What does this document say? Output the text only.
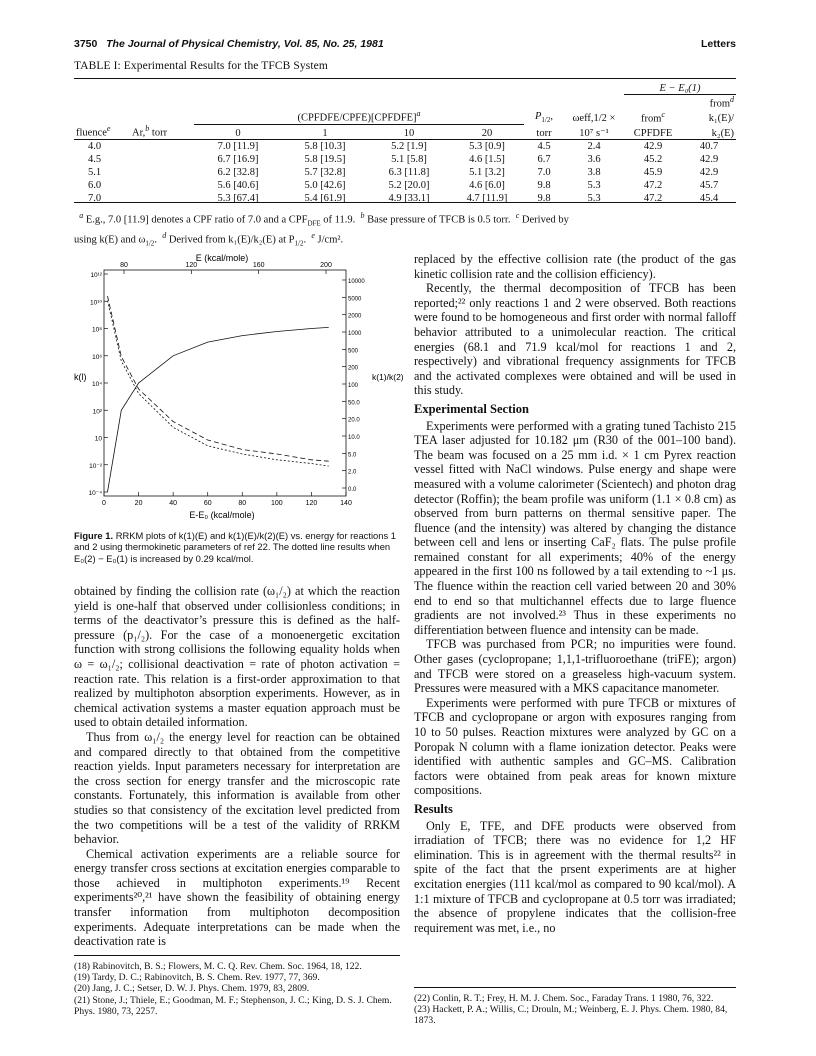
3750 The Journal of Physical Chemistry, Vol. 85, No. 25, 1981	Letters
TABLE I: Experimental Results for the TFCB System
								E − E₀(1)	
									from$^d$
		(CPFDFE/CPFE)[CPFDFE]$^a$				$P_{1/2}$,	ωeff,1/2 ×	from$^c$	k₁(E)/
fluence$^e$	Ar,$^b$ torr	0	1	10	20	torr	10⁷ s⁻¹	CPFDFE	k₂(E)
4.0		7.0 [11.9]	5.8 [10.3]	5.2 [1.9]	5.3 [0.9]	4.5	2.4	42.9	40.7
4.5		6.7 [16.9]	5.8 [19.5]	5.1 [5.8]	4.6 [1.5]	6.7	3.6	45.2	42.9
5.1		6.2 [32.8]	5.7 [32.8]	6.3 [11.8]	5.1 [3.2]	7.0	3.8	45.9	42.9
6.0		5.6 [40.6]	5.0 [42.6]	5.2 [20.0]	4.6 [6.0]	9.8	5.3	47.2	45.7
7.0		5.3 [67.4]	5.4 [61.9]	4.9 [33.1]	4.7 [11.9]	9.8	5.3	47.2	45.4
$^a$ E.g., 7.0 [11.9] denotes a CPF ratio of 7.0 and a $CPF_{DFE}$ of 11.9. $^b$ Base pressure of TFCB is 0.5 torr. $^c$ Derived by
using k(E) and $\omega_{1/2}$.  $^d$ Derived from k₁(E)/k₂(E) at $P_{1/2}$.  $^e$ J/cm².
0	20	40	60	80	100	120	140
80	120	160	200
10¹²
10¹⁰
10⁸
10⁶
10⁴
10²
10
10⁻²
10⁻⁴
10000
5000
2000
1000
500
200
100
50.0
20.0
10.0
5.0
2.0
0.0
E (kcal/mole)
E-E₀ (kcal/mole)
k(l)	k(1)/k(2)
Figure 1. RRKM plots of k(1)(E) and k(1)(E)/k(2)(E) vs. energy for reactions 1 and 2 using thermokinetic parameters of ref 22. The dotted line results when E₀(2) − E₀(1) is increased by 0.29 kcal/mol.

obtained by finding the collision rate (ω₁/₂) at which the reaction yield is one-half that observed under collisionless conditions; in terms of the deactivator’s pressure this is defined as the half-pressure (p₁/₂). For the case of a monoenergetic excitation function with strong collisions the following equality holds when ω = ω₁/₂; collisional deactivation = rate of photon activation = reaction rate. This relation is a first-order approximation to that realized by multiphoton absorption experiments. However, as in chemical activation systems a master equation approach must be used to obtain detailed information.

Thus from ω₁/₂ the energy level for reaction can be obtained and compared directly to that obtained from the competitive reaction yields. Input parameters necessary for interpretation are the cross section for energy transfer and the microscopic rate constants. Fortunately, this information is available from other studies so that consistency of the excitation level predicted from the two competitions will be a test of the validity of RRKM behavior.

Chemical activation experiments are a reliable source for energy transfer cross sections at excitation energies comparable to those achieved in multiphoton experiments.¹⁹ Recent experiments²⁰,²¹ have shown the feasibility of obtaining energy transfer information from multiphoton decomposition experiments. Adequate interpretations can be made when the deactivation rate is

(18) Rabinovitch, B. S.; Flowers, M. C. Q. Rev. Chem. Soc. 1964, 18, 122.
(19) Tardy, D. C.; Rabinovitch, B. S. Chem. Rev. 1977, 77, 369.
(20) Jang, J. C.; Setser, D. W. J. Phys. Chem. 1979, 83, 2809.
(21) Stone, J.; Thiele, E.; Goodman, M. F.; Stephenson, J. C.; King, D. S. J. Chem. Phys. 1980, 73, 2257.

replaced by the effective collision rate (the product of the gas kinetic collision rate and the collision efficiency).

Recently, the thermal decomposition of TFCB has been reported;²² only reactions 1 and 2 were observed. Both reactions were found to be homogeneous and first order with normal falloff behavior attributed to a unimolecular reaction. The critical energies (68.1 and 71.9 kcal/mol for reactions 1 and 2, respectively) and vibrational frequency assignments for TFCB and the activated complexes were obtained and will be used in this study.

Experimental Section

Experiments were performed with a grating tuned Tachisto 215 TEA laser adjusted for 10.182 μm (R30 of the 001–100 band). The beam was focused on a 25 mm i.d. × 1 cm Pyrex reaction vessel fitted with NaCl windows. Pulse energy and shape were measured with a volume calorimeter (Scientech) and photon drag detector (Roffin); the beam profile was uniform (1.1 × 0.8 cm) as observed from burn patterns on thermal sensitive paper. The fluence (and the intensity) was altered by changing the distance between cell and lens or inserting CaF₂ flats. The pulse profile remained constant for all experiments; 40% of the energy appeared in the first 100 ns followed by a tail extending to ~1 μs. The fluence within the reaction cell varied between 20 and 30% end to end so that multichannel effects due to large fluence gradients are not involved.²³ Thus in these experiments no differentiation between fluence and intensity can be made.

TFCB was purchased from PCR; no impurities were found. Other gases (cyclopropane; 1,1,1-trifluoroethane (triFE); argon) and TFCB were stored on a greaseless high-vacuum system. Pressures were measured with a MKS capacitance manometer.

Experiments were performed with pure TFCB or mixtures of TFCB and cyclopropane or argon with exposures ranging from 10 to 50 pulses. Reaction mixtures were analyzed by GC on a Poropak N column with a flame ionization detector. Peaks were identified with authentic samples and GC–MS. Calibration factors were obtained from peak areas for known mixture compositions.

Results

Only E, TFE, and DFE products were observed from irradiation of TFCB; there was no evidence for 1,2 HF elimination. This is in agreement with the thermal results²² in spite of the fact that the prsent experiments are at higher excitation energies (111 kcal/mol as compared to 90 kcal/mol). A 1:1 mixture of TFCB and cyclopropane at 0.5 torr was irradiated; the absence of propylene indicates that the collision-free requirement was met, i.e., no

(22) Conlin, R. T.; Frey, H. M. J. Chem. Soc., Faraday Trans. 1 1980, 76, 322.
(23) Hackett, P. A.; Willis, C.; Drouln, M.; Weinberg, E. J. Phys. Chem. 1980, 84, 1873.
